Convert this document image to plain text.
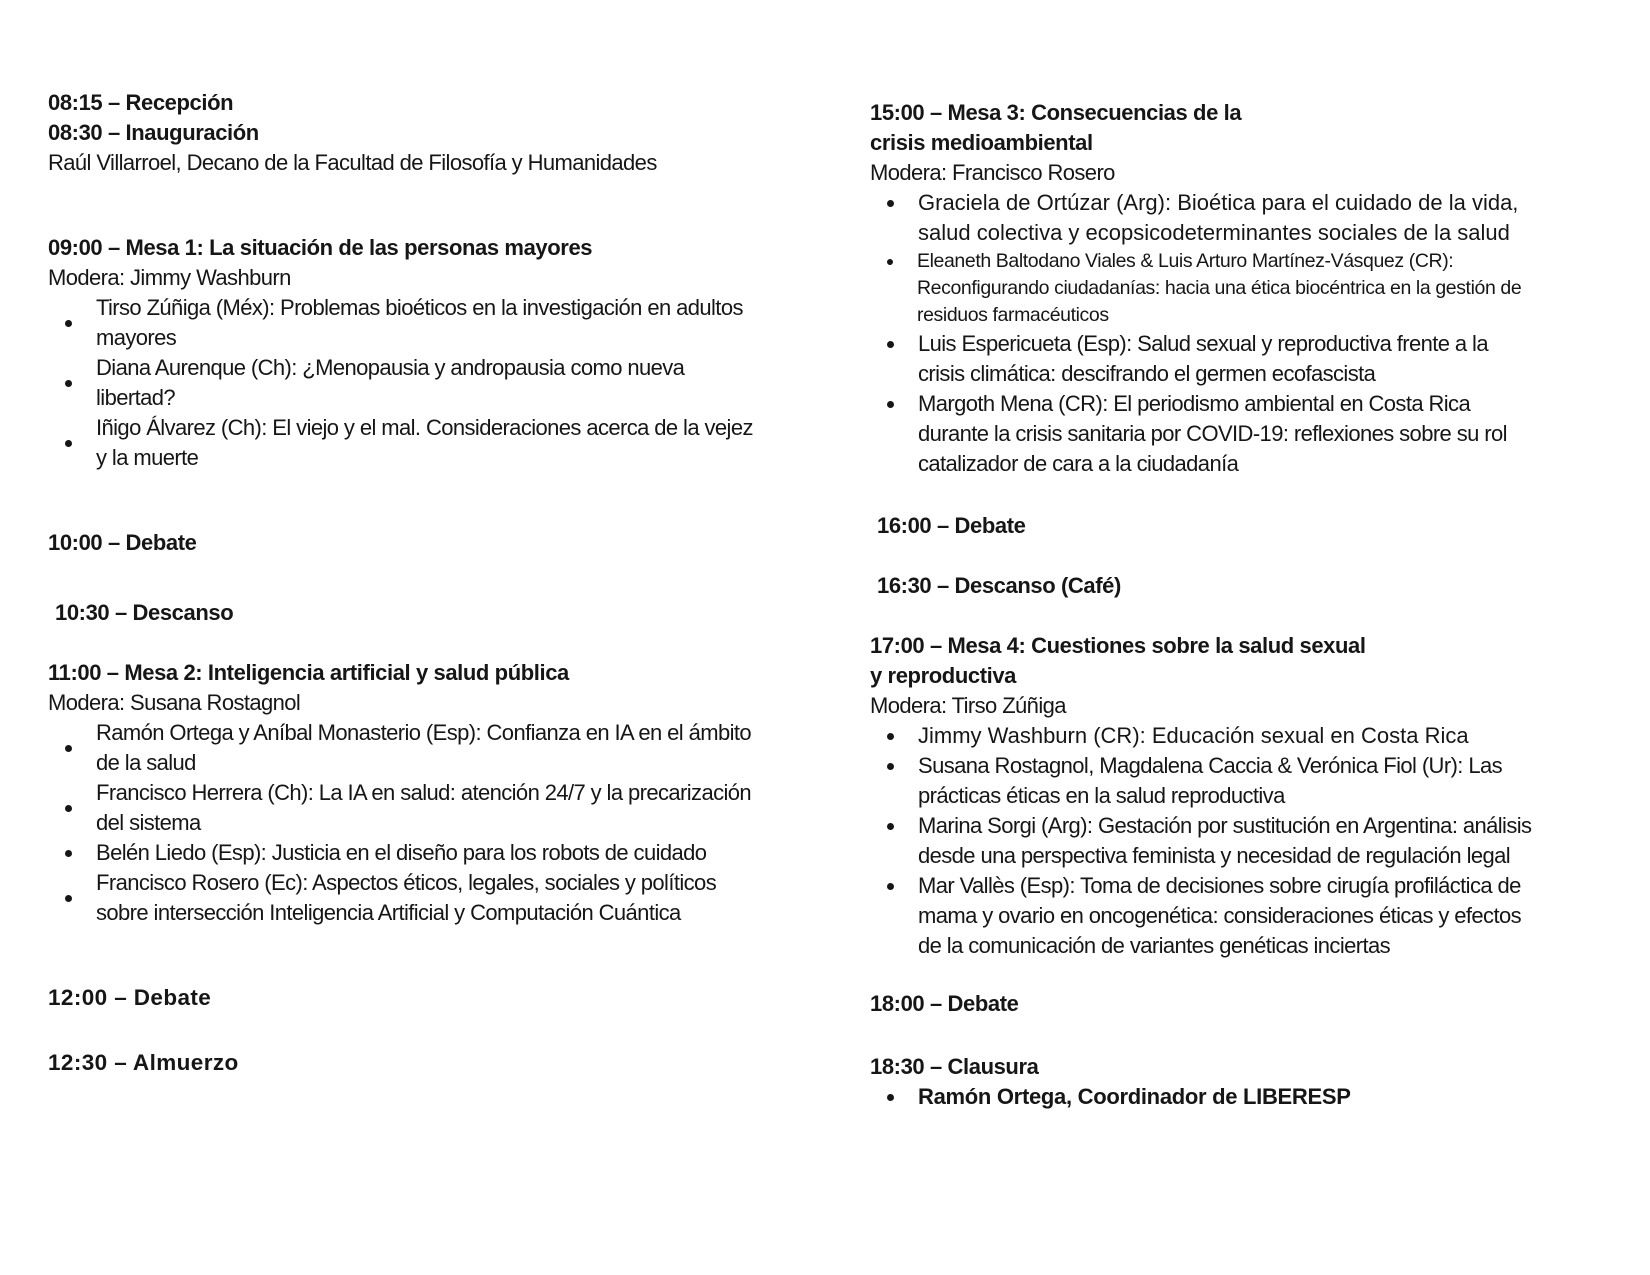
08:15 – Recepción

08:30 – Inauguración

Raúl Villarroel, Decano de la Facultad de Filosofía y Humanidades

09:00 – Mesa 1: La situación de las personas mayores

Modera: Jimmy Washburn

Tirso Zúñiga (Méx): Problemas bioéticos en la investigación en adultos mayores
Diana Aurenque (Ch): ¿Menopausia y andropausia como nueva libertad?
Iñigo Álvarez (Ch): El viejo y el mal. Consideraciones acerca de la vejez y la muerte

10:00 – Debate

10:30 – Descanso

11:00 – Mesa 2: Inteligencia artificial y salud pública

Modera: Susana Rostagnol

Ramón Ortega y Aníbal Monasterio (Esp): Confianza en IA en el ámbito de la salud
Francisco Herrera (Ch): La IA en salud: atención 24/7 y la precarización del sistema
Belén Liedo (Esp): Justicia en el diseño para los robots de cuidado
Francisco Rosero (Ec): Aspectos éticos, legales, sociales y políticos sobre intersección Inteligencia Artificial y Computación Cuántica

12:00 – Debate

12:30 – Almuerzo

15:00 – Mesa 3: Consecuencias de la

crisis medioambiental

Modera: Francisco Rosero

Graciela de Ortúzar (Arg): Bioética para el cuidado de la vida, salud colectiva y ecopsicodeterminantes sociales de la salud
Eleaneth Baltodano Viales & Luis Arturo Martínez-Vásquez (CR): Reconfigurando ciudadanías: hacia una ética biocéntrica en la gestión de residuos farmacéuticos
Luis Espericueta (Esp): Salud sexual y reproductiva frente a la crisis climática: descifrando el germen ecofascista
Margoth Mena (CR): El periodismo ambiental en Costa Rica durante la crisis sanitaria por COVID-19: reflexiones sobre su rol catalizador de cara a la ciudadanía

16:00 – Debate

16:30 – Descanso (Café)

17:00 – Mesa 4: Cuestiones sobre la salud sexual

y reproductiva

Modera: Tirso Zúñiga

Jimmy Washburn (CR): Educación sexual en Costa Rica
Susana Rostagnol, Magdalena Caccia & Verónica Fiol (Ur): Las prácticas éticas en la salud reproductiva
Marina Sorgi (Arg): Gestación por sustitución en Argentina: análisis desde una perspectiva feminista y necesidad de regulación legal
Mar Vallès (Esp): Toma de decisiones sobre cirugía profiláctica de mama y ovario en oncogenética: consideraciones éticas y efectos de la comunicación de variantes genéticas inciertas

18:00 – Debate

18:30 – Clausura

Ramón Ortega, Coordinador de LIBERESP
